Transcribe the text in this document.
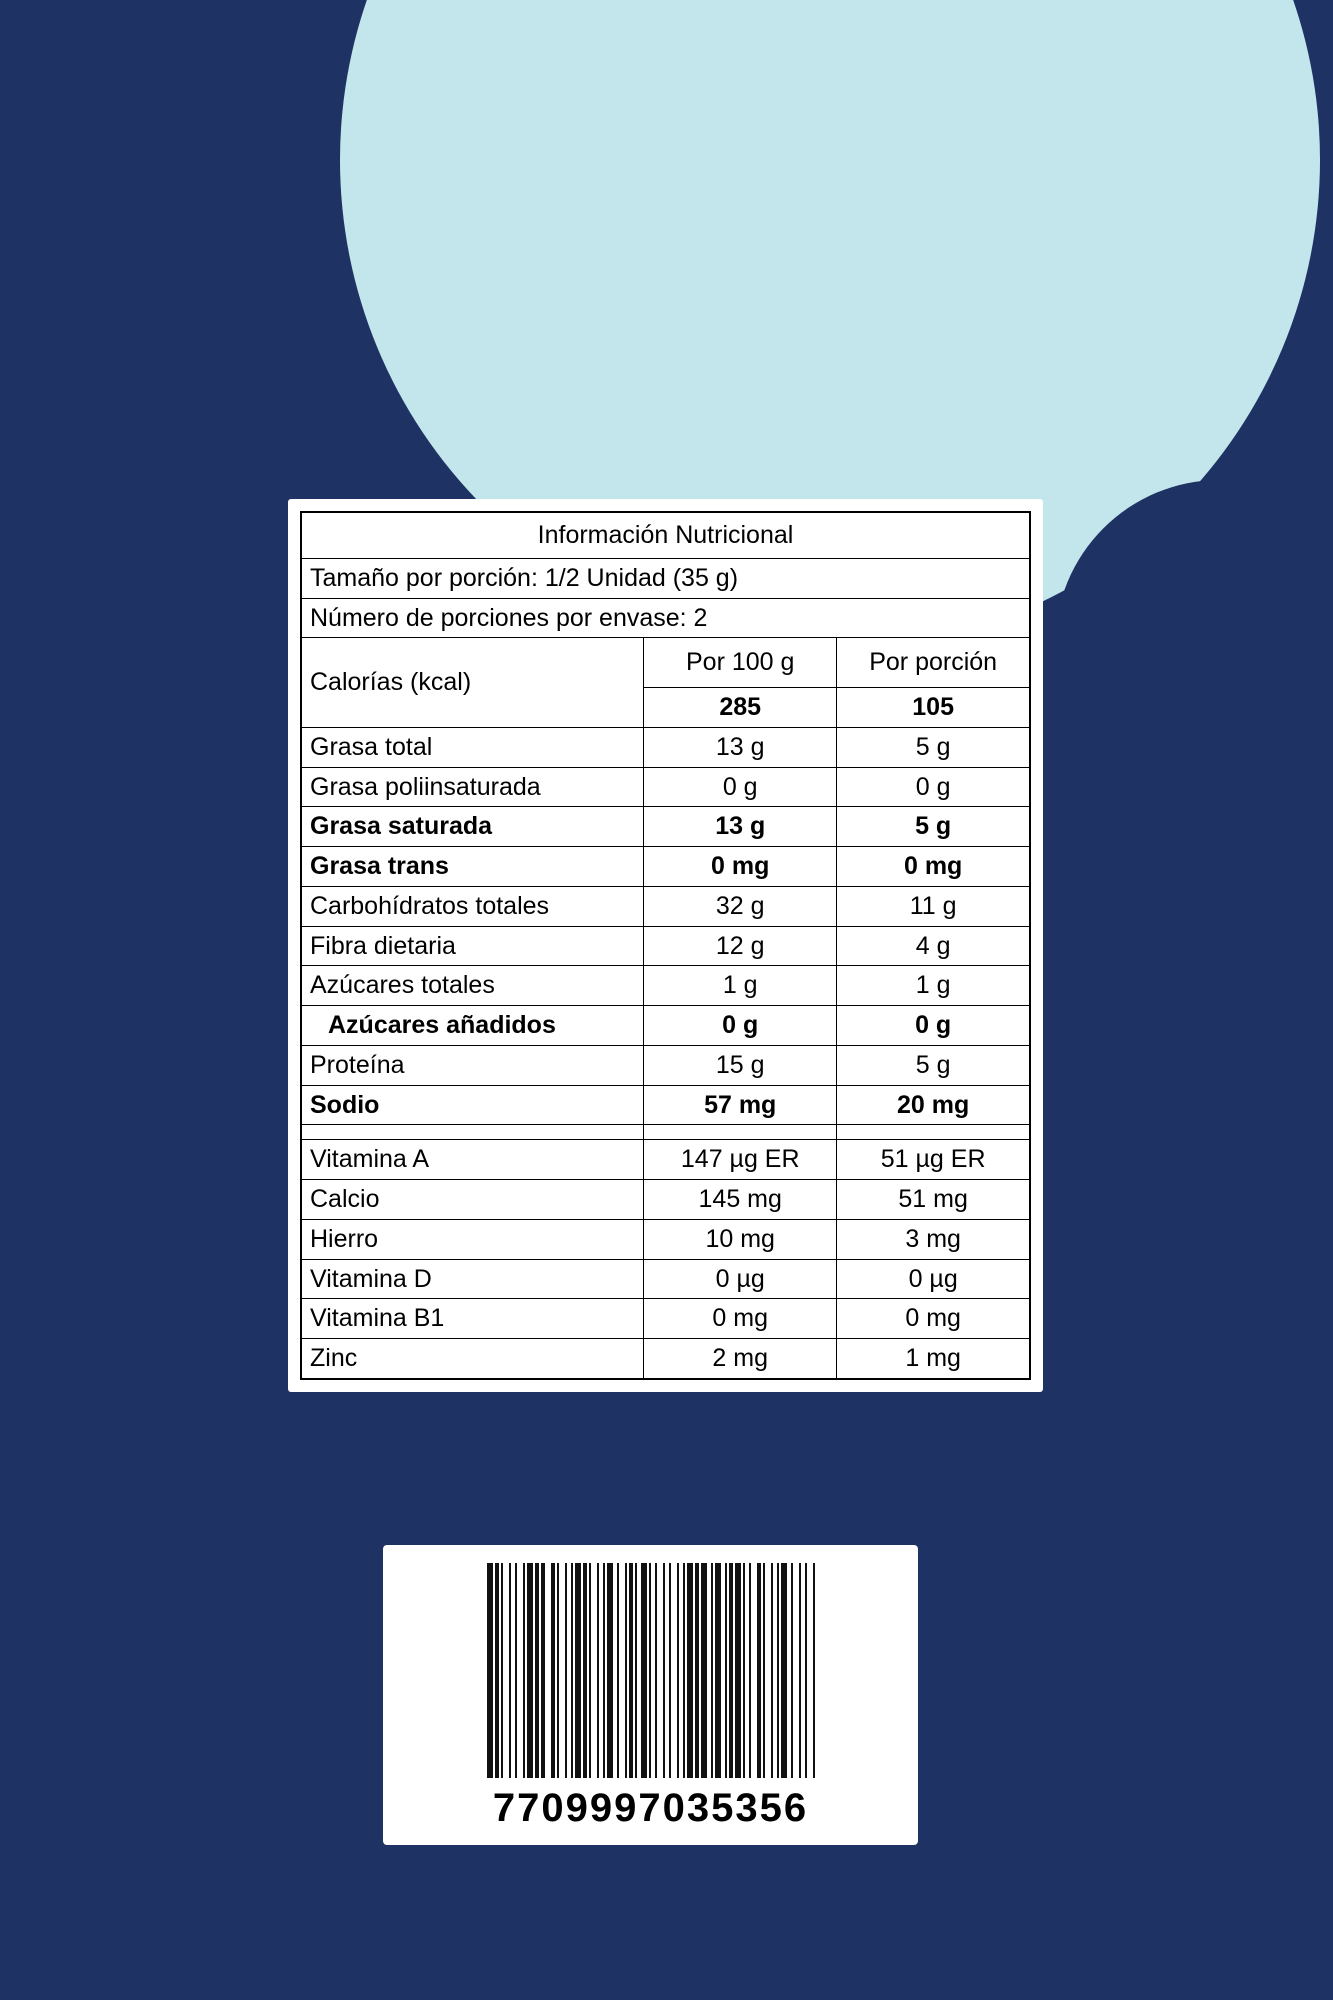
Información Nutricional		
Tamaño por porción: 1/2 Unidad (35 g)		
Número de porciones por envase: 2		
Calorías (kcal)	Por 100 g	Por porción
	285	105
Grasa total	13 g	5 g
Grasa poliinsaturada	0 g	0 g
Grasa saturada	13 g	5 g
Grasa trans	0 mg	0 mg
Carbohídratos totales	32 g	11 g
Fibra dietaria	12 g	4 g
Azúcares totales	1 g	1 g
Azúcares añadidos	0 g	0 g
Proteína	15 g	5 g
Sodio	57 mg	20 mg

Vitamina A	147 µg ER	51 µg ER
Calcio	145 mg	51 mg
Hierro	10 mg	3 mg
Vitamina D	0 µg	0 µg
Vitamina B1	0 mg	0 mg
Zinc	2 mg	1 mg
7709997035356
